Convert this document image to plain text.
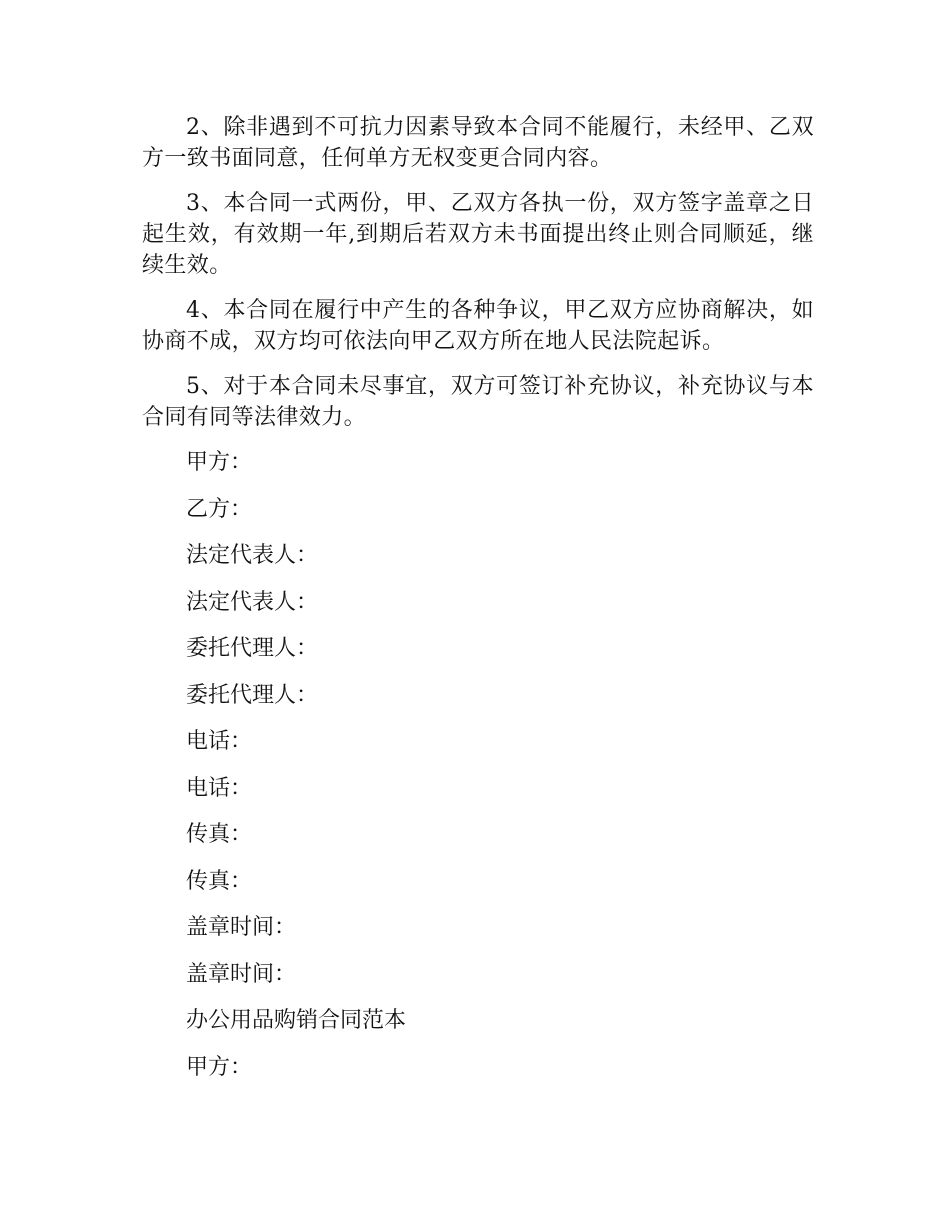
2、除非遇到不可抗力因素导致本合同不能履行，未经甲、乙双方一致书面同意，任何单方无权变更合同内容。

3、本合同一式两份，甲、乙双方各执一份，双方签字盖章之日起生效，有效期一年,到期后若双方未书面提出终止则合同顺延，继续生效。

4、本合同在履行中产生的各种争议，甲乙双方应协商解决，如协商不成，双方均可依法向甲乙双方所在地人民法院起诉。

5、对于本合同未尽事宜，双方可签订补充协议，补充协议与本合同有同等法律效力。

甲方：

乙方：

法定代表人：

法定代表人：

委托代理人：

委托代理人：

电话：

电话：

传真：

传真：

盖章时间：

盖章时间：

办公用品购销合同范本

甲方：
